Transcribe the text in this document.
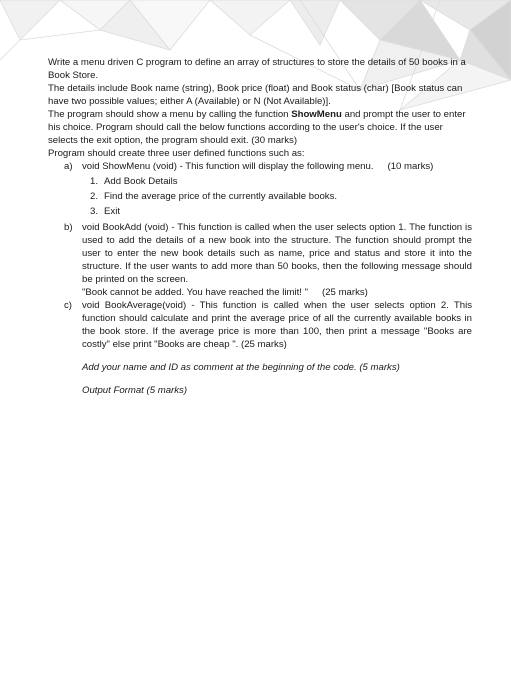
Write a menu driven C program to define an array of structures to store the details of 50 books in a Book Store.

The details include Book name (string), Book price (float) and Book status (char) [Book status can have two possible values; either A (Available) or N (Not Available)].

The program should show a menu by calling the function ShowMenu and prompt the user to enter his choice. Program should call the below functions according to the user's choice. If the user selects the exit option, the program should exit. (30 marks)

Program should create three user defined functions such as:

a) void ShowMenu (void) - This function will display the following menu. (10 marks)
1. Add Book Details
2. Find the average price of the currently available books.
3. Exit
b) void BookAdd (void) - This function is called when the user selects option 1. The function is used to add the details of a new book into the structure. The function should prompt the user to enter the new book details such as name, price and status and store it into the structure. If the user wants to add more than 50 books, then the following message should be printed on the screen.
"Book cannot be added. You have reached the limit! " (25 marks)
c)	void BookAverage(void) - This function is called when the user selects option 2. This function should calculate and print the average price of all the currently available books in the book store. If the average price is more than 100, then print a message "Books are costly" else print "Books are cheap ". (25 marks)
Add your name and ID as comment at the beginning of the code. (5 marks)
Output Format (5 marks)
